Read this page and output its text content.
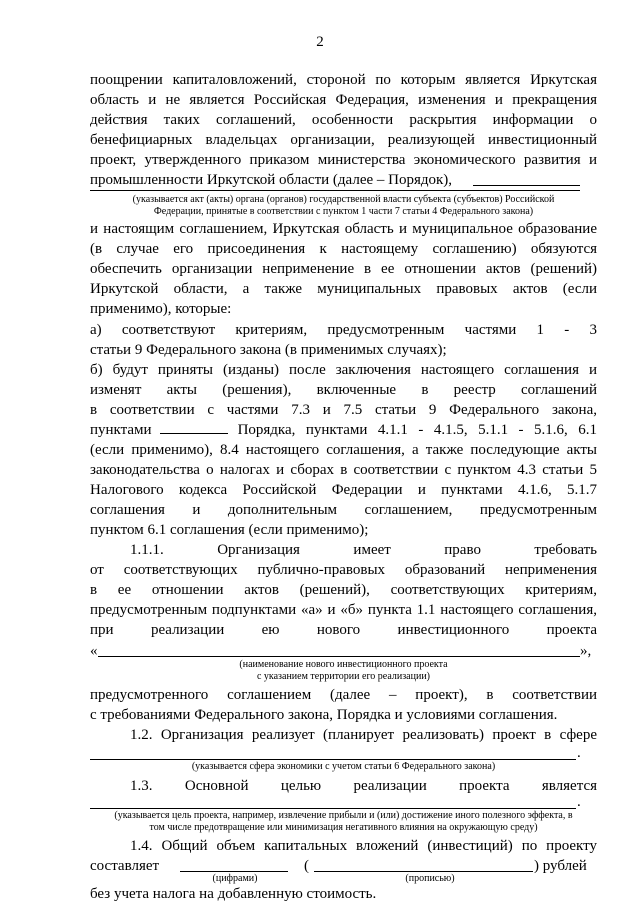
2
поощрении капиталовложений, стороной по которым является Иркутская
область и не является Российская Федерация, изменения и прекращения
действия таких соглашений, особенности раскрытия информации о
бенефициарных владельцах организации, реализующей инвестиционный
проект, утвержденного приказом министерства экономического развития и
промышленности Иркутской области (далее – Порядок),
(указывается акт (акты) органа (органов) государственной власти субъекта (субъектов) Российской
Федерации, принятые в соответствии с пунктом 1 части 7 статьи 4 Федерального закона)
и настоящим соглашением, Иркутская область и муниципальное образование
(в случае его присоединения к настоящему соглашению) обязуются
обеспечить организации неприменение в ее отношении актов (решений)
Иркутской области, а также муниципальных правовых актов (если
применимо), которые:
а) соответствуют критериям, предусмотренным частями 1 - 3
статьи 9 Федерального закона (в применимых случаях);
б) будут приняты (изданы) после заключения настоящего соглашения и
изменят акты (решения), включенные в реестр соглашений
в соответствии с частями 7.3 и 7.5 статьи 9 Федерального закона,
пунктами	Порядка, пунктами 4.1.1 - 4.1.5, 5.1.1 - 5.1.6, 6.1
(если применимо), 8.4 настоящего соглашения, а также последующие акты
законодательства о налогах и сборах в соответствии с пунктом 4.3 статьи 5
Налогового кодекса Российской Федерации и пунктами 4.1.6, 5.1.7
соглашения и дополнительным соглашением, предусмотренным
пунктом 6.1 соглашения (если применимо);
1.1.1. Организация имеет право требовать
от соответствующих публично-правовых образований неприменения
в ее отношении актов (решений), соответствующих критериям,
предусмотренным подпунктами «а» и «б» пункта 1.1 настоящего соглашения,
при реализации ею нового инвестиционного проекта
«	»,
(наименование нового инвестиционного проекта
с указанием территории его реализации)
предусмотренного соглашением (далее – проект), в соответствии
с требованиями Федерального закона, Порядка и условиями соглашения.
1.2. Организация реализует (планирует реализовать) проект в сфере
.
(указывается сфера экономики с учетом статьи 6 Федерального закона)
1.3. Основной целью реализации проекта является
.
(указывается цель проекта, например, извлечение прибыли и (или) достижение иного полезного эффекта, в
том числе предотвращение или минимизация негативного влияния на окружающую среду)
1.4. Общий объем капитальных вложений (инвестиций) по проекту
составляет	(	) рублей
(цифрами)	(прописью)
без учета налога на добавленную стоимость.
